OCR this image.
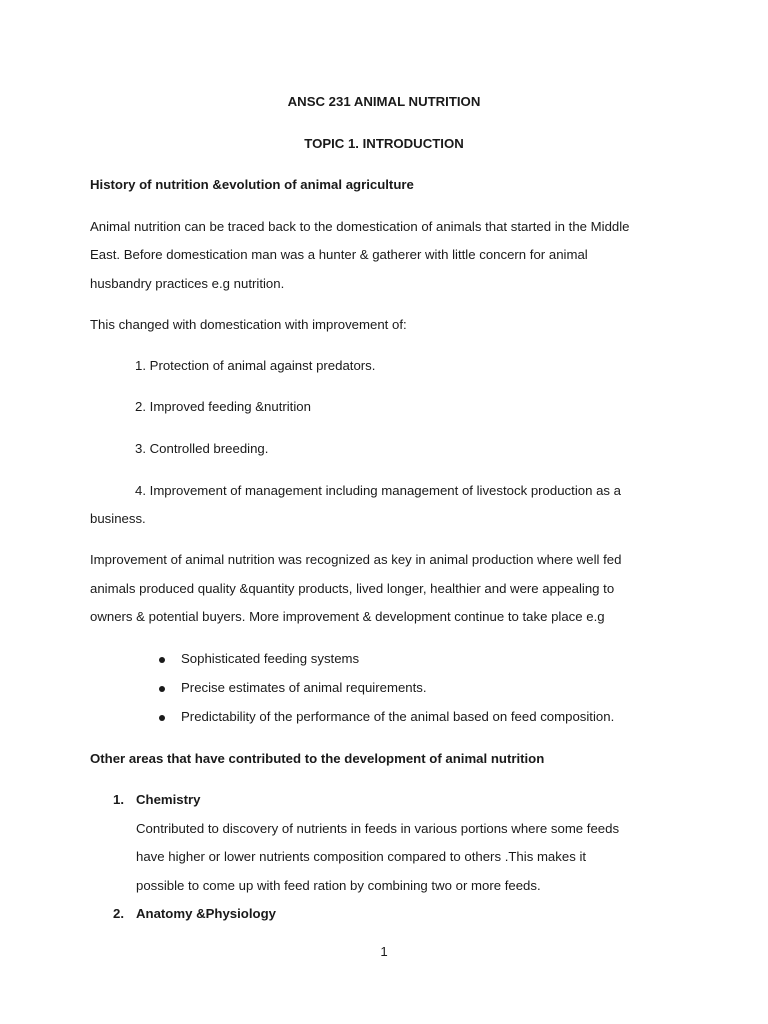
ANSC 231 ANIMAL NUTRITION
TOPIC 1. INTRODUCTION
History of nutrition &evolution of animal agriculture
Animal nutrition can be traced back to the domestication of animals that started in the Middle
East. Before domestication man was a hunter & gatherer with little concern for animal
husbandry practices e.g nutrition.
This changed with domestication with improvement of:
1. Protection of animal against predators.
2. Improved feeding &nutrition
3. Controlled breeding.
4. Improvement of management including management of livestock production as a
business.
Improvement of animal nutrition was recognized as key in animal production where well fed
animals produced quality &quantity products, lived longer, healthier and were appealing to
owners & potential buyers. More improvement & development continue to take place e.g
Sophisticated feeding systems
Precise estimates of animal requirements.
Predictability of the performance of the animal based on feed composition.
Other areas that have contributed to the development of animal nutrition
1. Chemistry
Contributed to discovery of nutrients in feeds in various portions where some feeds
have higher or lower nutrients composition compared to others .This makes it
possible to come up with feed ration by combining two or more feeds.
2. Anatomy &Physiology
1
